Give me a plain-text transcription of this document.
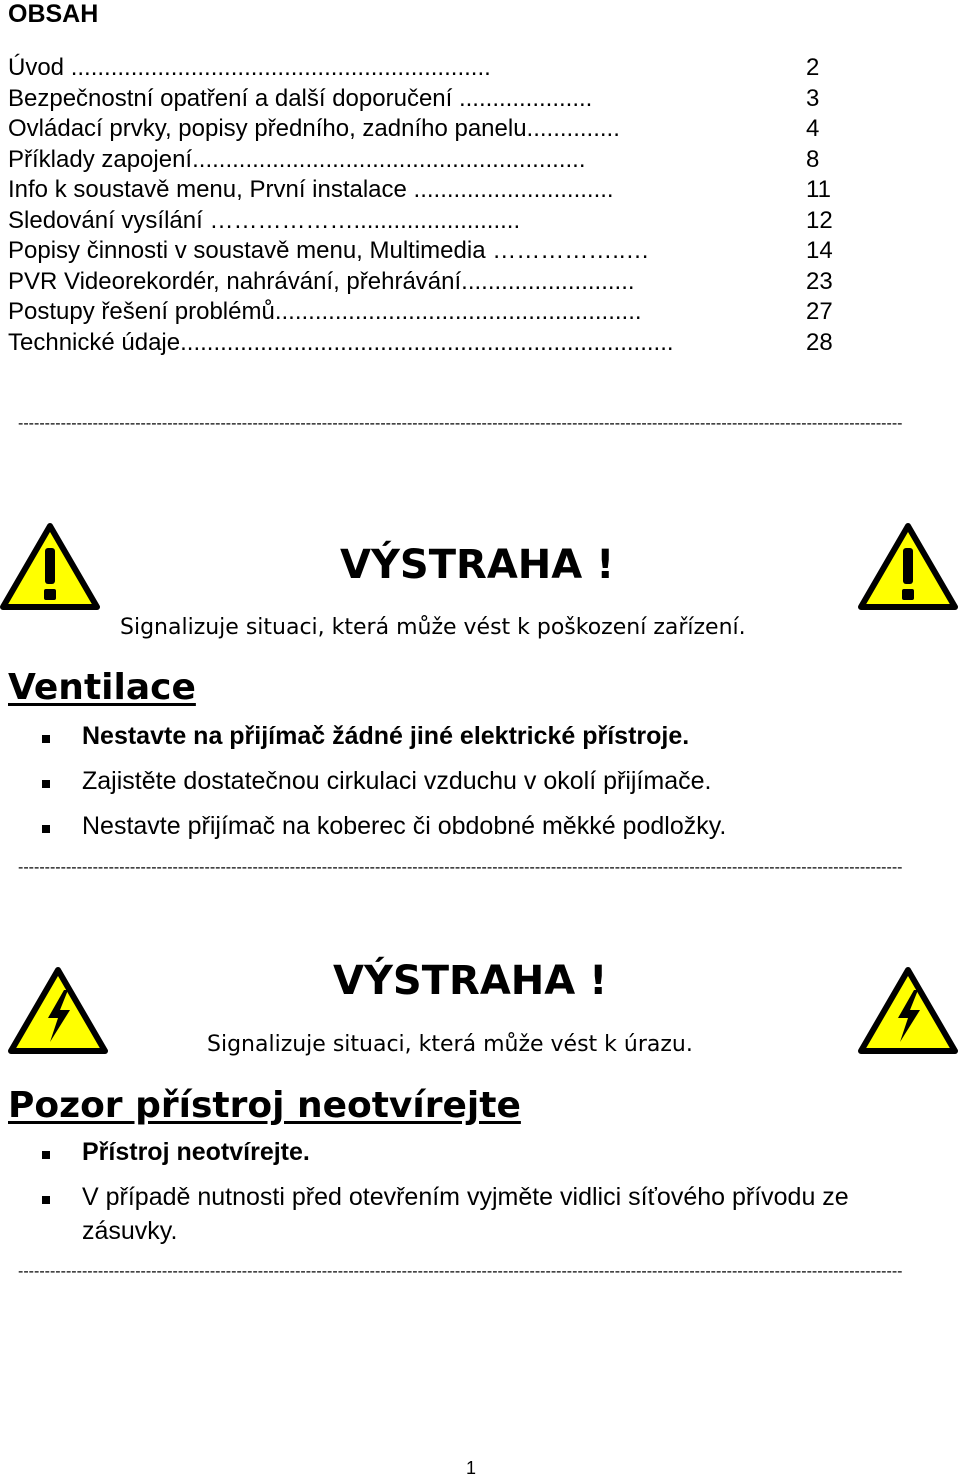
OBSAH
Úvod ...............................................................	2
Bezpečnostní opatření a další doporučení ....................	3
Ovládací prvky, popisy předního, zadního panelu..............	4
Příklady zapojení...........................................................	8
Info k soustavě menu, První instalace ..............................	11
Sledování vysílání ……………….........................	12
Popisy činnosti v soustavě menu, Multimedia ……………..…	14
PVR Videorekordér, nahrávání, přehrávání..........................	23
Postupy řešení problémů.......................................................	27
Technické údaje..........................................................................	28
----------------------------------------------------------------------------------------------------------------------------------------------------------------------
VÝSTRAHA !
Signalizuje situaci, která může vést k poškození zařízení.
Ventilace
Nestavte na přijímač žádné jiné elektrické přístroje.
Zajistěte dostatečnou cirkulaci vzduchu v okolí přijímače.
Nestavte přijímač na koberec či obdobné měkké podložky.
----------------------------------------------------------------------------------------------------------------------------------------------------------------------
VÝSTRAHA !
Signalizuje situaci, která může vést k úrazu.
Pozor přístroj neotvírejte
Přístroj neotvírejte.
V případě nutnosti před otevřením vyjměte vidlici síťového přívodu ze zásuvky.
----------------------------------------------------------------------------------------------------------------------------------------------------------------------
1
